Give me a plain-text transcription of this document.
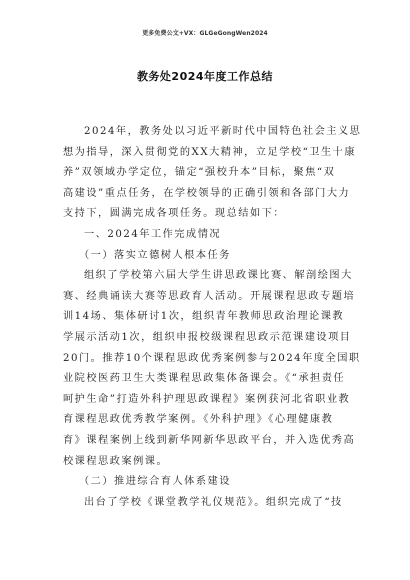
更多免费公文+VX：GLGeGongWen2024
教务处2024年度工作总结
2024年，教务处以习近平新时代中国特色社会主义思
想为指导，深入贯彻党的XX大精神，立足学校“卫生十康
养”双领域办学定位，锚定“强校升本”目标，聚焦“双
高建设”重点任务，在学校领导的正确引领和各部门大力
支持下，圆满完成各项任务。现总结如下：
一、2024年工作完成情况
（一）落实立德树人根本任务
组织了学校第六届大学生讲思政课比赛、解剖绘图大
赛、经典诵读大赛等思政育人活动。开展课程思政专题培
训14场、集体研讨1次，组织青年教师思政治理论课教
学展示活动1次，组织申报校级课程思政示范课建设项目
20门。推荐10个课程思政优秀案例参与2024年度全国职
业院校医药卫生大类课程思政集体备课会。《“承担责任
呵护生命”打造外科护理思政课程》案例获河北省职业教
育课程思政优秀教学案例。《外科护理》《心理健康教
育》课程案例上线到新华网新华思政平台，并入选优秀高
校课程思政案例课。
（二）推进综合育人体系建设
出台了学校《课堂教学礼仪规范》。组织完成了“技
